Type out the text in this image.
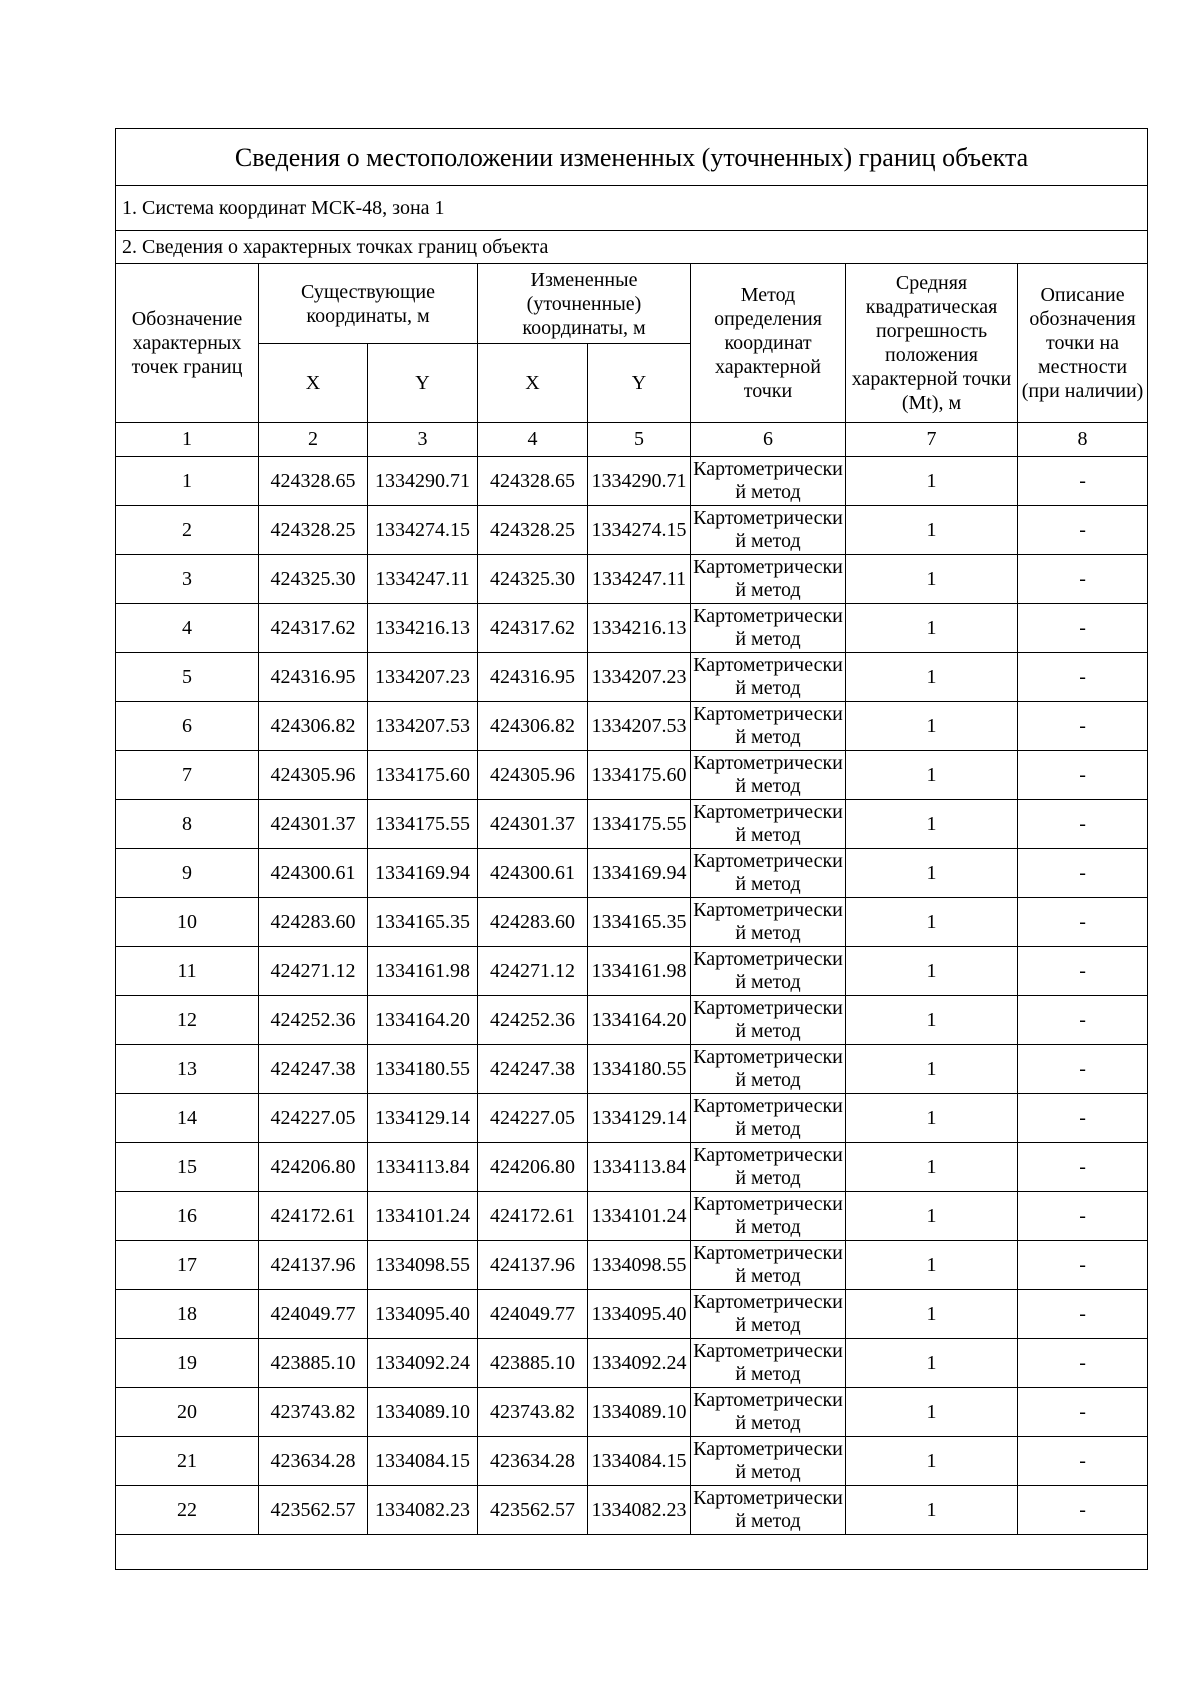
Сведения о местоположении измененных (уточненных) границ объекта							
1. Система координат МСК-48, зона 1							
2. Сведения о характерных точках границ объекта							
Обозначение характерных точек границ	Существующие координаты, м		Измененные (уточненные) координаты, м		Метод определения координат характерной точки	Средняя квадратическая погрешность положения характерной точки (Mt), м	Описание обозначения точки на местности (при наличии)
	X	Y	X	Y			
1	2	3	4	5	6	7	8
1	424328.65	1334290.71	424328.65	1334290.71	Картометрический метод	1	-
2	424328.25	1334274.15	424328.25	1334274.15	Картометрический метод	1	-
3	424325.30	1334247.11	424325.30	1334247.11	Картометрический метод	1	-
4	424317.62	1334216.13	424317.62	1334216.13	Картометрический метод	1	-
5	424316.95	1334207.23	424316.95	1334207.23	Картометрический метод	1	-
6	424306.82	1334207.53	424306.82	1334207.53	Картометрический метод	1	-
7	424305.96	1334175.60	424305.96	1334175.60	Картометрический метод	1	-
8	424301.37	1334175.55	424301.37	1334175.55	Картометрический метод	1	-
9	424300.61	1334169.94	424300.61	1334169.94	Картометрический метод	1	-
10	424283.60	1334165.35	424283.60	1334165.35	Картометрический метод	1	-
11	424271.12	1334161.98	424271.12	1334161.98	Картометрический метод	1	-
12	424252.36	1334164.20	424252.36	1334164.20	Картометрический метод	1	-
13	424247.38	1334180.55	424247.38	1334180.55	Картометрический метод	1	-
14	424227.05	1334129.14	424227.05	1334129.14	Картометрический метод	1	-
15	424206.80	1334113.84	424206.80	1334113.84	Картометрический метод	1	-
16	424172.61	1334101.24	424172.61	1334101.24	Картометрический метод	1	-
17	424137.96	1334098.55	424137.96	1334098.55	Картометрический метод	1	-
18	424049.77	1334095.40	424049.77	1334095.40	Картометрический метод	1	-
19	423885.10	1334092.24	423885.10	1334092.24	Картометрический метод	1	-
20	423743.82	1334089.10	423743.82	1334089.10	Картометрический метод	1	-
21	423634.28	1334084.15	423634.28	1334084.15	Картометрический метод	1	-
22	423562.57	1334082.23	423562.57	1334082.23	Картометрический метод	1	-
